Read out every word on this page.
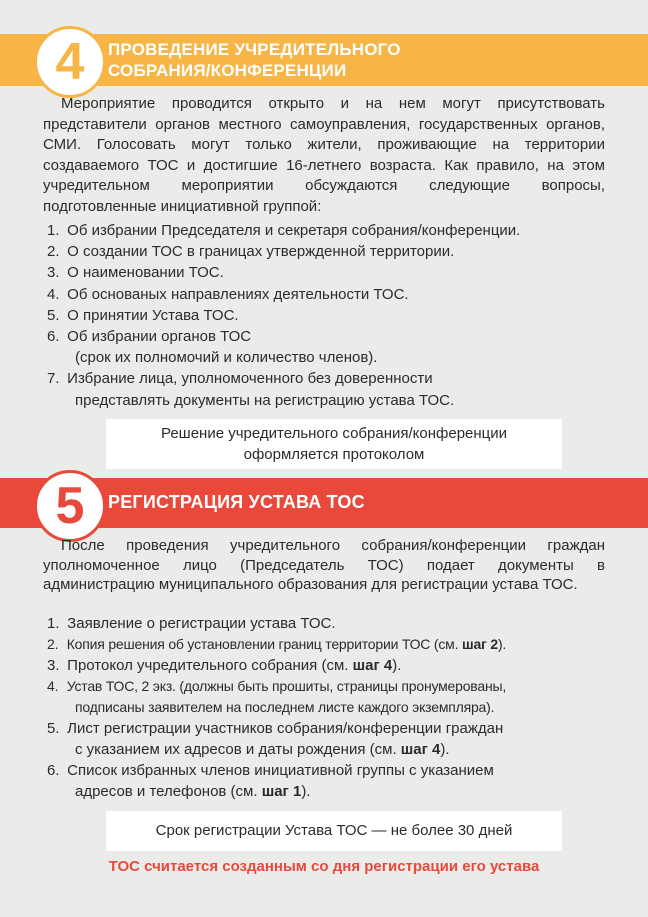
ПРОВЕДЕНИЕ УЧРЕДИТЕЛЬНОГО
СОБРАНИЯ/КОНФЕРЕНЦИИ
4

Мероприятие проводится открыто и на нем могут присутствовать представители органов местного самоуправления, государственных органов, СМИ. Голосовать могут только жители, проживающие на территории создаваемого ТОС и достигшие 16-летнего возраста. Как правило, на этом учредительном мероприятии обсуждаются следующие вопросы, подготовленные инициативной группой:

1. Об избрании Председателя и секретаря собрания/конференции.
2. О создании ТОС в границах утвержденной территории.
3. О наименовании ТОС.
4. Об основаных направлениях деятельности ТОС.
5. О принятии Устава ТОС.
6. Об избрании органов ТОС
(срок их полномочий и количество членов).
7. Избрание лица, уполномоченного без доверенности
представлять документы на регистрацию устава ТОС.
Решение учредительного собрания/конференции
оформляется протоколом
РЕГИСТРАЦИЯ УСТАВА ТОС
5

После проведения учредительного собрания/конференции граждан уполномоченное лицо (Председатель ТОС) подает документы в администрацию муниципального образования для регистрации устава ТОС.

1. Заявление о регистрации устава ТОС.
2. Копия решения об установлении границ территории ТОС (см. шаг 2).
3. Протокол учредительного собрания (см. шаг 4).
4. Устав ТОС, 2 экз. (должны быть прошиты, страницы пронумерованы,
подписаны заявителем на последнем листе каждого экземпляра).
5. Лист регистрации участников собрания/конференции граждан
с указанием их адресов и даты рождения (см. шаг 4).
6. Список избранных членов инициативной группы с указанием
адресов и телефонов (см. шаг 1).
Срок регистрации Устава ТОС — не более 30 дней
ТОС считается созданным со дня регистрации его устава
